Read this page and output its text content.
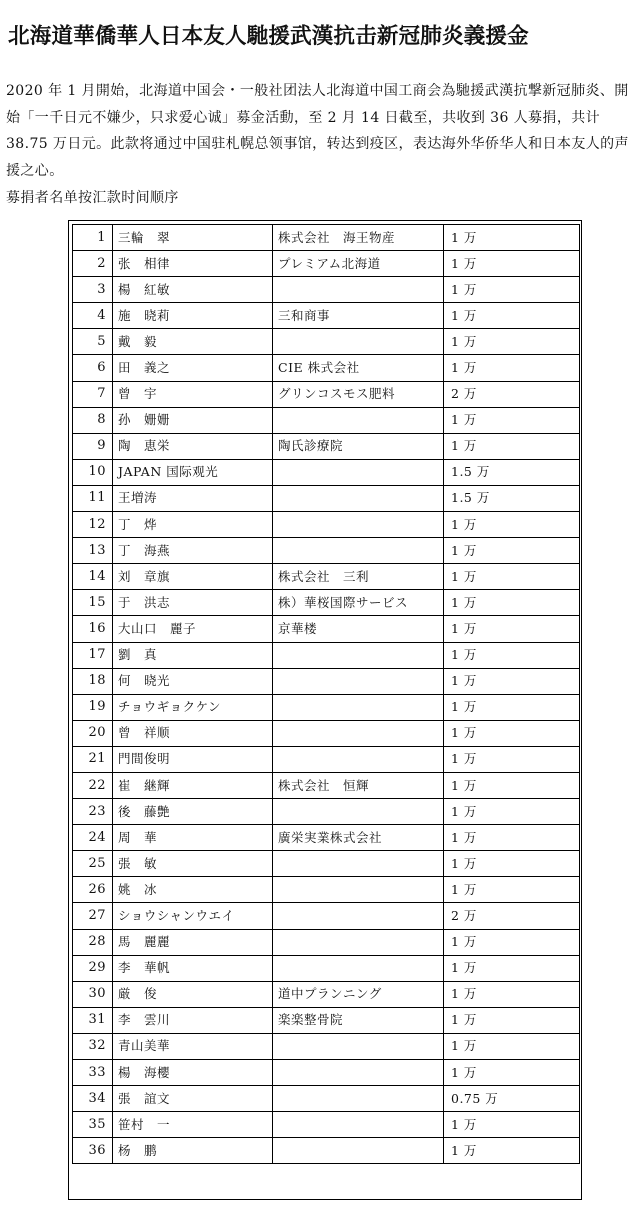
北海道華僑華人日本友人馳援武漢抗击新冠肺炎義援金

2020 年 1 月開始，北海道中国会・一般社团法人北海道中国工商会為馳援武漢抗撃新冠肺炎、開始「一千日元不嫌少，只求爱心诚」募金活動，至 2 月 14 日截至，共收到 36 人募捐，共计 38.75 万日元。此款将通过中国驻札幌总领事馆，转达到疫区，表达海外华侨华人和日本友人的声援之心。

募捐者名单按汇款时间顺序
1	三輪　翠	株式会社　海王物産	1 万
2	张　相律	プレミアム北海道	1 万
3	楊　紅敏		1 万
4	施　晓莉	三和商事	1 万
5	戴　毅		1 万
6	田　義之	CIE 株式会社	1 万
7	曾　宇	グリンコスモス肥料	2 万
8	孙　姗姗		1 万
9	陶　恵栄	陶氏診療院	1 万
10	JAPAN 国际观光		1.5 万
11	王増涛		1.5 万
12	丁　烨		1 万
13	丁　海燕		1 万
14	刘　章旗	株式会社　三利	1 万
15	于　洪志	株）華桜国際サービス	1 万
16	大山口　麗子	京華楼	1 万
17	劉　真		1 万
18	何　晓光		1 万
19	チョウギョクケン		1 万
20	曾　祥顺		1 万
21	門間俊明		1 万
22	崔　継輝	株式会社　恒輝	1 万
23	後　藤艶		1 万
24	周　華	廣栄実業株式会社	1 万
25	張　敏		1 万
26	姚　冰		1 万
27	ショウシャンウエイ		2 万
28	馬　麗麗		1 万
29	李　華帆		1 万
30	厳　俊	道中プランニング	1 万
31	李　雲川	楽楽整骨院	1 万
32	青山美華		1 万
33	楊　海櫻		1 万
34	張　誼文		0.75 万
35	笹村　一		1 万
36	杨　鹏		1 万
